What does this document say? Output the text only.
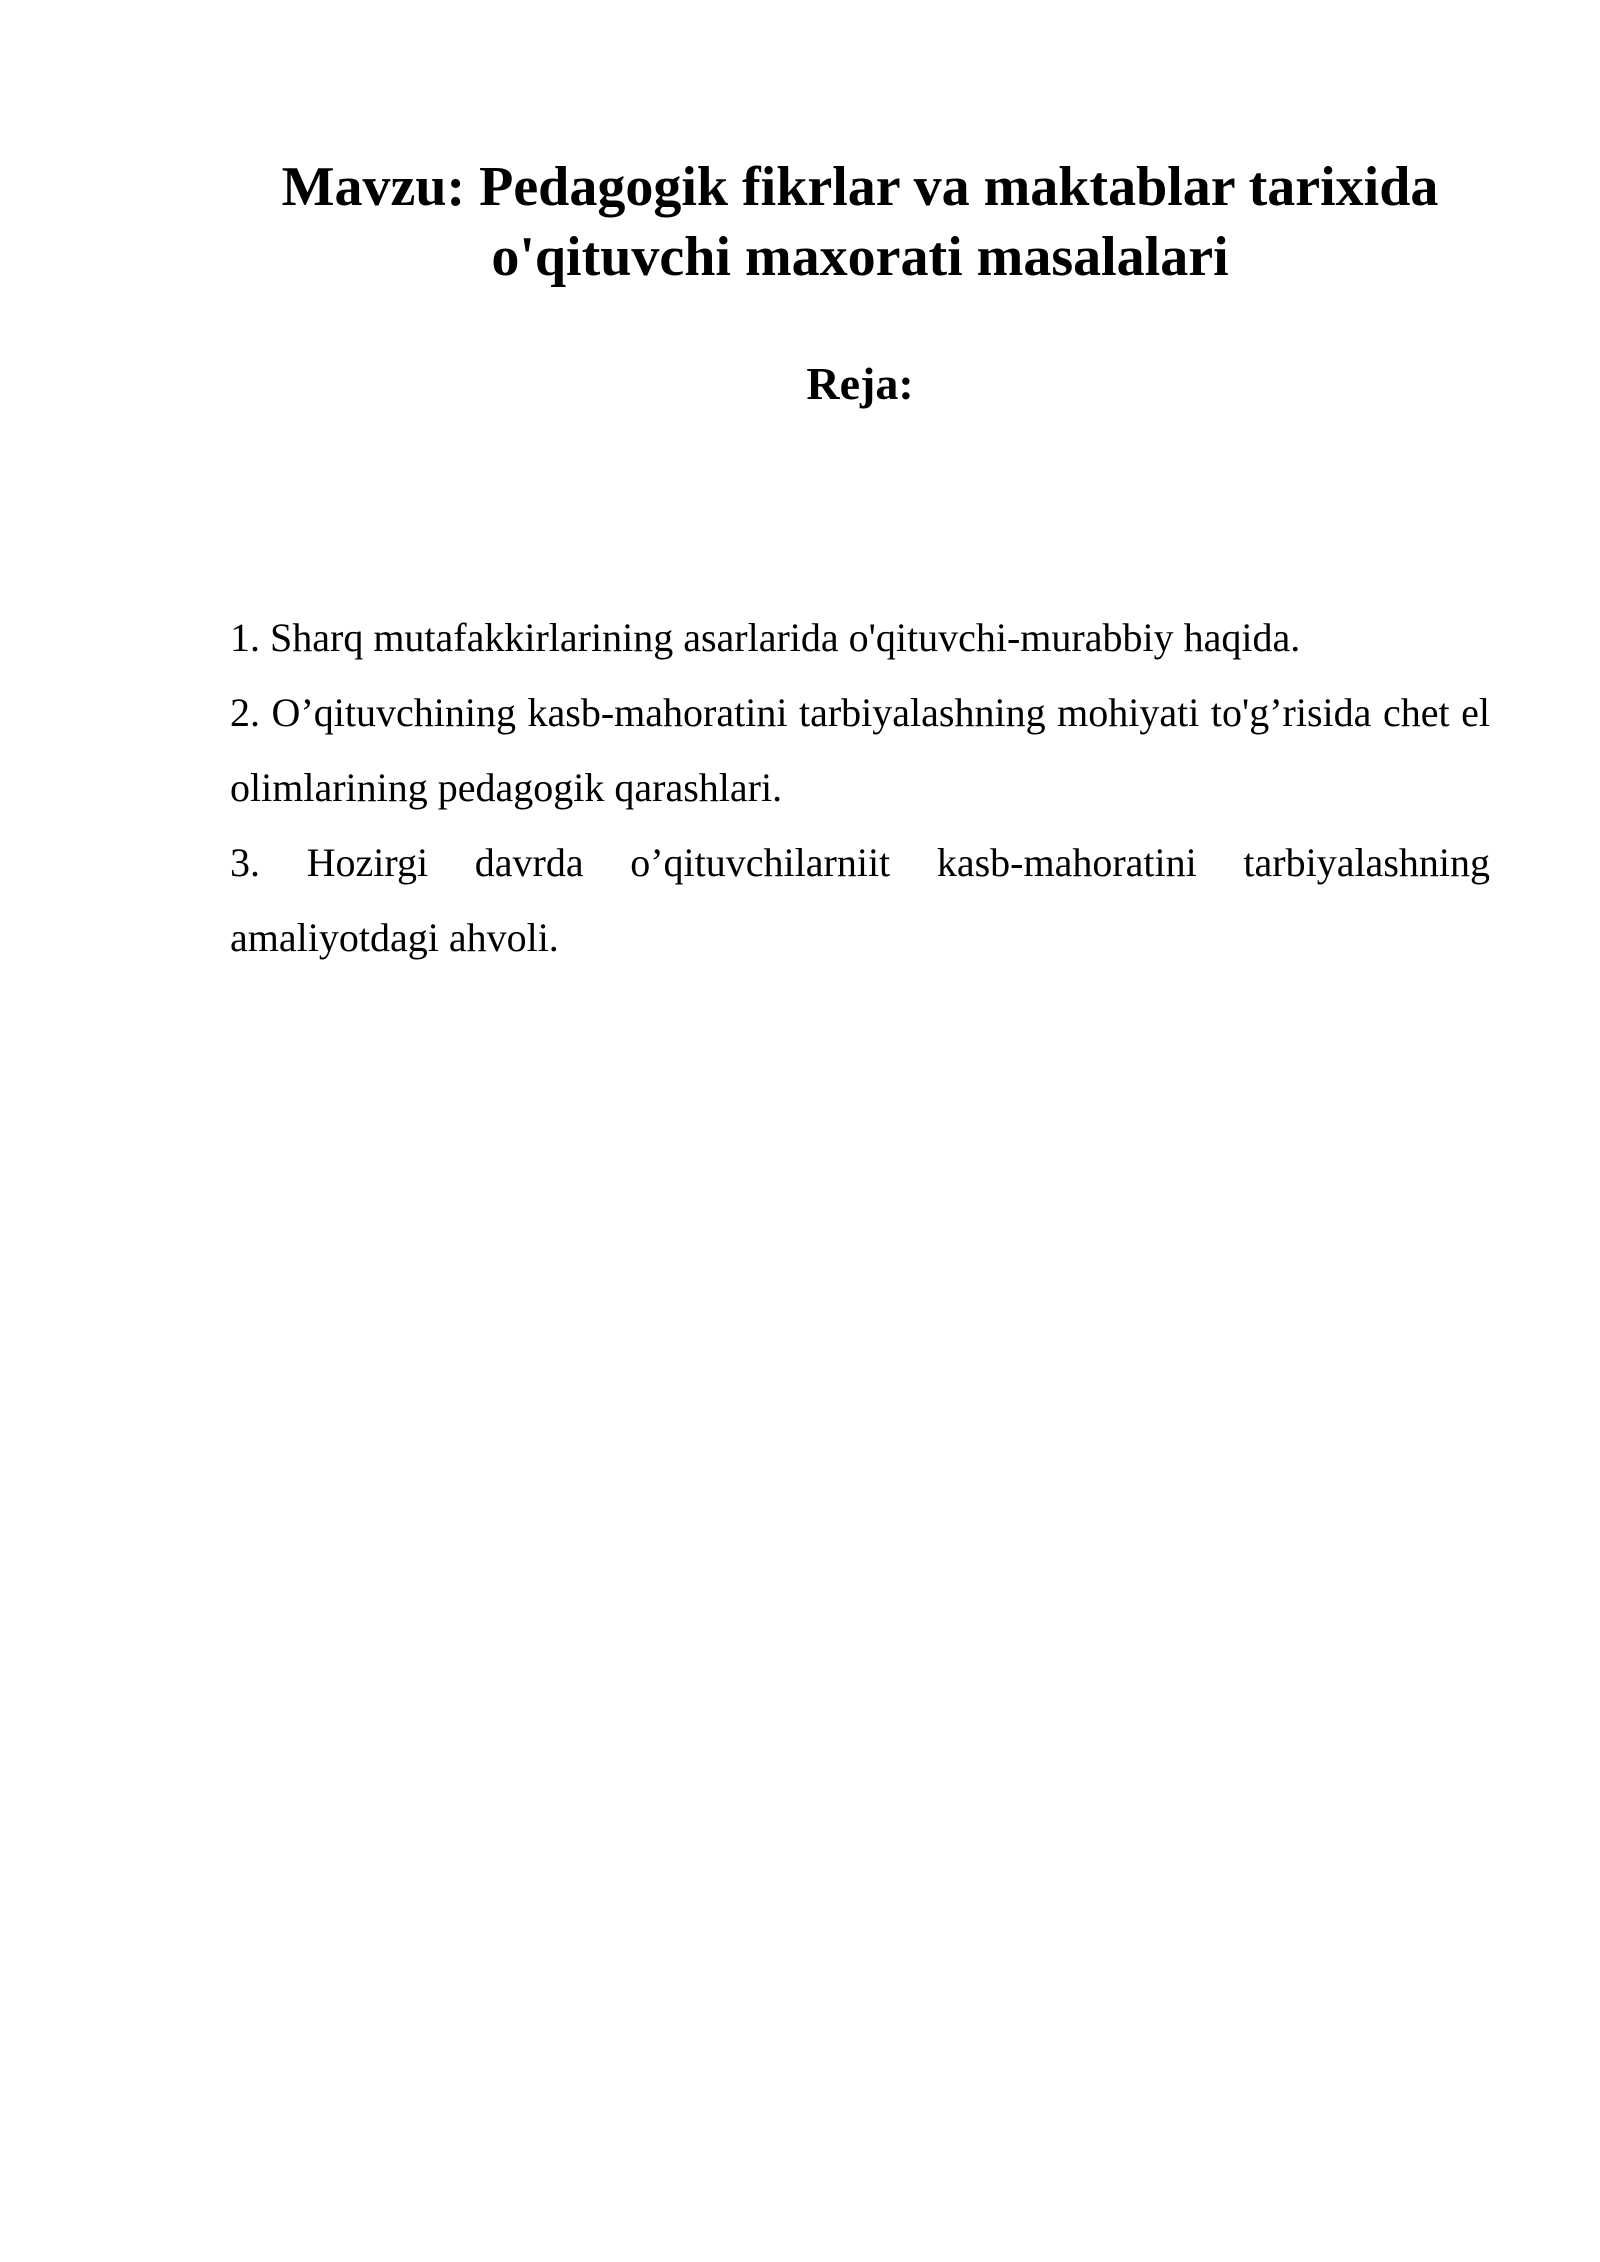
Mavzu: Pedagogik fikrlar va maktablar tarixida
o'qituvchi maxorati masalalari
Reja:
1. Sharq mutafakkirlarining asarlarida o'qituvchi-murabbiy haqida.
2. O’qituvchining kasb-mahoratini tarbiyalashning mohiyati to'g’risida chet el olimlarining pedagogik qarashlari.
3. Hozirgi davrda o’qituvchilarniit kasb-mahoratini tarbiyalashning amaliyotdagi ahvoli.
